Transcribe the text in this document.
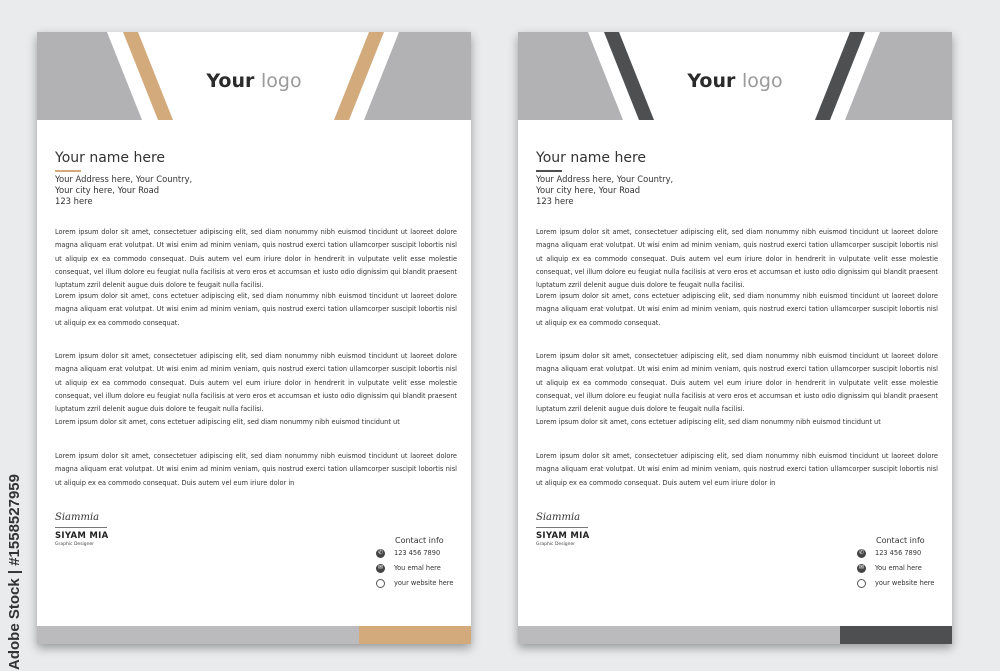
Adobe Stock | #1558527959
Your logo
Your name here
Your Address here, Your Country,
Your city here, Your Road
123 here
Lorem ipsum dolor sit amet, consectetuer adipiscing elit, sed diam nonummy nibh euismod tincidunt ut laoreet dolore magna aliquam erat volutpat. Ut wisi enim ad minim veniam, quis nostrud exerci tation ullamcorper suscipit lobortis nisl ut aliquip ex ea commodo consequat. Duis autem vel eum iriure dolor in hendrerit in vulputate velit esse molestie consequat, vel illum dolore eu feugiat nulla facilisis at vero eros et accumsan et iusto odio dignissim qui blandit praesent luptatum zzril delenit augue duis dolore te feugait nulla facilisi.
Lorem ipsum dolor sit amet, cons ectetuer adipiscing elit, sed diam nonummy nibh euismod tincidunt ut laoreet dolore magna aliquam erat volutpat. Ut wisi enim ad minim veniam, quis nostrud exerci tation ullamcorper suscipit lobortis nisl ut aliquip ex ea commodo consequat.
Lorem ipsum dolor sit amet, consectetuer adipiscing elit, sed diam nonummy nibh euismod tincidunt ut laoreet dolore magna aliquam erat volutpat. Ut wisi enim ad minim veniam, quis nostrud exerci tation ullamcorper suscipit lobortis nisl ut aliquip ex ea commodo consequat. Duis autem vel eum iriure dolor in hendrerit in vulputate velit esse molestie consequat, vel illum dolore eu feugiat nulla facilisis at vero eros et accumsan et iusto odio dignissim qui blandit praesent luptatum zzril delenit augue duis dolore te feugait nulla facilisi.
Lorem ipsum dolor sit amet, cons ectetuer adipiscing elit, sed diam nonummy nibh euismod tincidunt ut
Lorem ipsum dolor sit amet, consectetuer adipiscing elit, sed diam nonummy nibh euismod tincidunt ut laoreet dolore magna aliquam erat volutpat. Ut wisi enim ad minim veniam, quis nostrud exerci tation ullamcorper suscipit lobortis nisl ut aliquip ex ea commodo consequat. Duis autem vel eum iriure dolor in
Siammia
SIYAM MIA
Graphic Designer	Contact info
✆	123 456 7890
✉	You emal here
your website here
Your logo
Your name here
Your Address here, Your Country,
Your city here, Your Road
123 here
Lorem ipsum dolor sit amet, consectetuer adipiscing elit, sed diam nonummy nibh euismod tincidunt ut laoreet dolore magna aliquam erat volutpat. Ut wisi enim ad minim veniam, quis nostrud exerci tation ullamcorper suscipit lobortis nisl ut aliquip ex ea commodo consequat. Duis autem vel eum iriure dolor in hendrerit in vulputate velit esse molestie consequat, vel illum dolore eu feugiat nulla facilisis at vero eros et accumsan et iusto odio dignissim qui blandit praesent luptatum zzril delenit augue duis dolore te feugait nulla facilisi.
Lorem ipsum dolor sit amet, cons ectetuer adipiscing elit, sed diam nonummy nibh euismod tincidunt ut laoreet dolore magna aliquam erat volutpat. Ut wisi enim ad minim veniam, quis nostrud exerci tation ullamcorper suscipit lobortis nisl ut aliquip ex ea commodo consequat.
Lorem ipsum dolor sit amet, consectetuer adipiscing elit, sed diam nonummy nibh euismod tincidunt ut laoreet dolore magna aliquam erat volutpat. Ut wisi enim ad minim veniam, quis nostrud exerci tation ullamcorper suscipit lobortis nisl ut aliquip ex ea commodo consequat. Duis autem vel eum iriure dolor in hendrerit in vulputate velit esse molestie consequat, vel illum dolore eu feugiat nulla facilisis at vero eros et accumsan et iusto odio dignissim qui blandit praesent luptatum zzril delenit augue duis dolore te feugait nulla facilisi.
Lorem ipsum dolor sit amet, cons ectetuer adipiscing elit, sed diam nonummy nibh euismod tincidunt ut
Lorem ipsum dolor sit amet, consectetuer adipiscing elit, sed diam nonummy nibh euismod tincidunt ut laoreet dolore magna aliquam erat volutpat. Ut wisi enim ad minim veniam, quis nostrud exerci tation ullamcorper suscipit lobortis nisl ut aliquip ex ea commodo consequat. Duis autem vel eum iriure dolor in
Siammia
SIYAM MIA
Graphic Designer	Contact info
✆	123 456 7890
✉	You emal here
your website here
